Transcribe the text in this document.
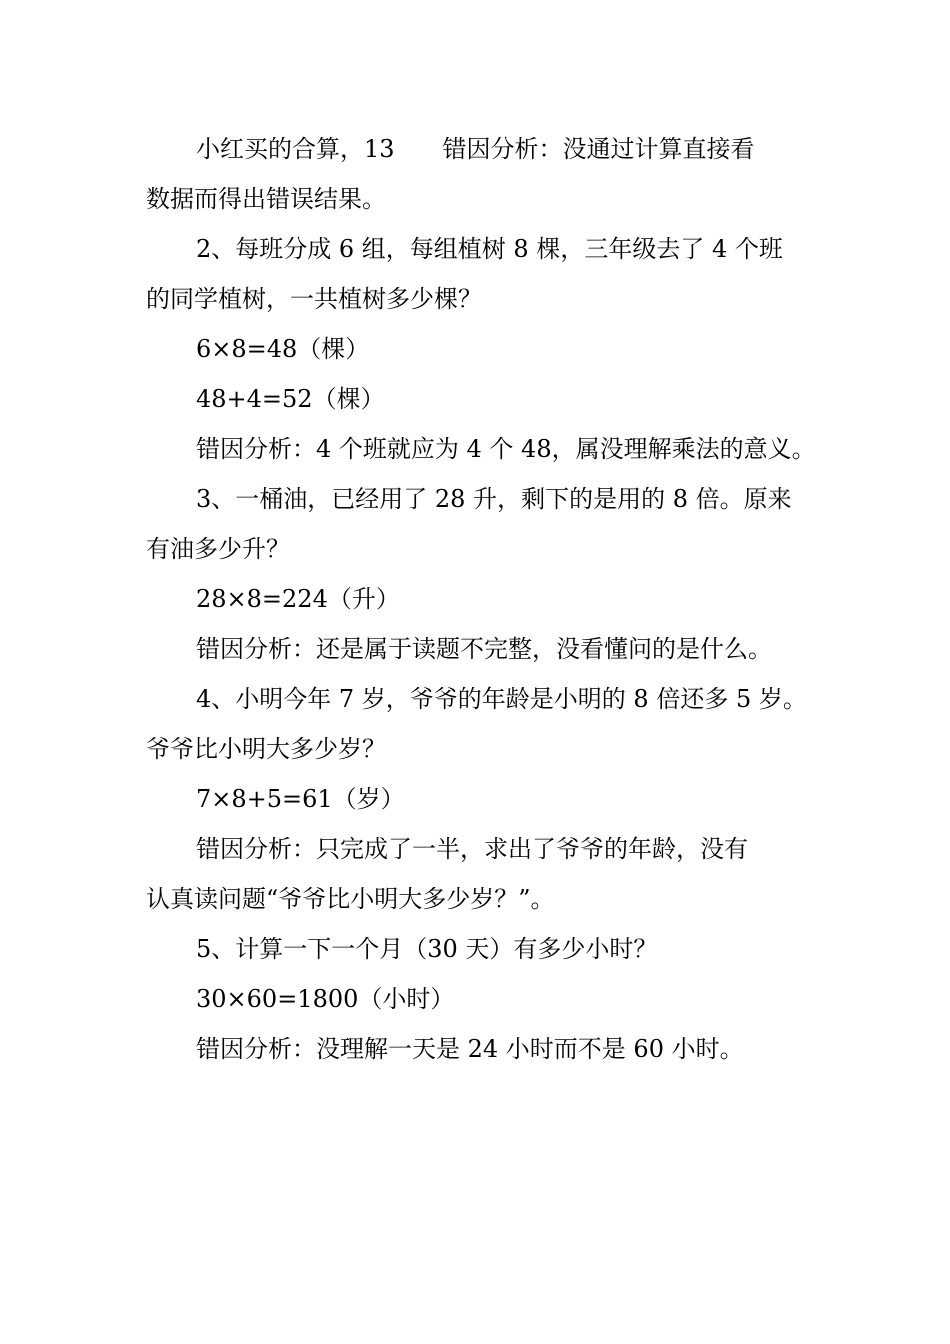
小红买的合算，13　　错因分析：没通过计算直接看
数据而得出错误结果。
2、每班分成 6 组，每组植树 8 棵，三年级去了 4 个班
的同学植树，一共植树多少棵？
6×8=48（棵）
48+4=52（棵）
错因分析：4 个班就应为 4 个 48，属没理解乘法的意义。
3、一桶油，已经用了 28 升，剩下的是用的 8 倍。原来
有油多少升？
28×8=224（升）
错因分析：还是属于读题不完整，没看懂问的是什么。
4、小明今年 7 岁，爷爷的年龄是小明的 8 倍还多 5 岁。
爷爷比小明大多少岁？
7×8+5=61（岁）
错因分析：只完成了一半，求出了爷爷的年龄，没有
认真读问题“爷爷比小明大多少岁？”。
5、计算一下一个月（30 天）有多少小时？
30×60=1800（小时）
错因分析：没理解一天是 24 小时而不是 60 小时。
